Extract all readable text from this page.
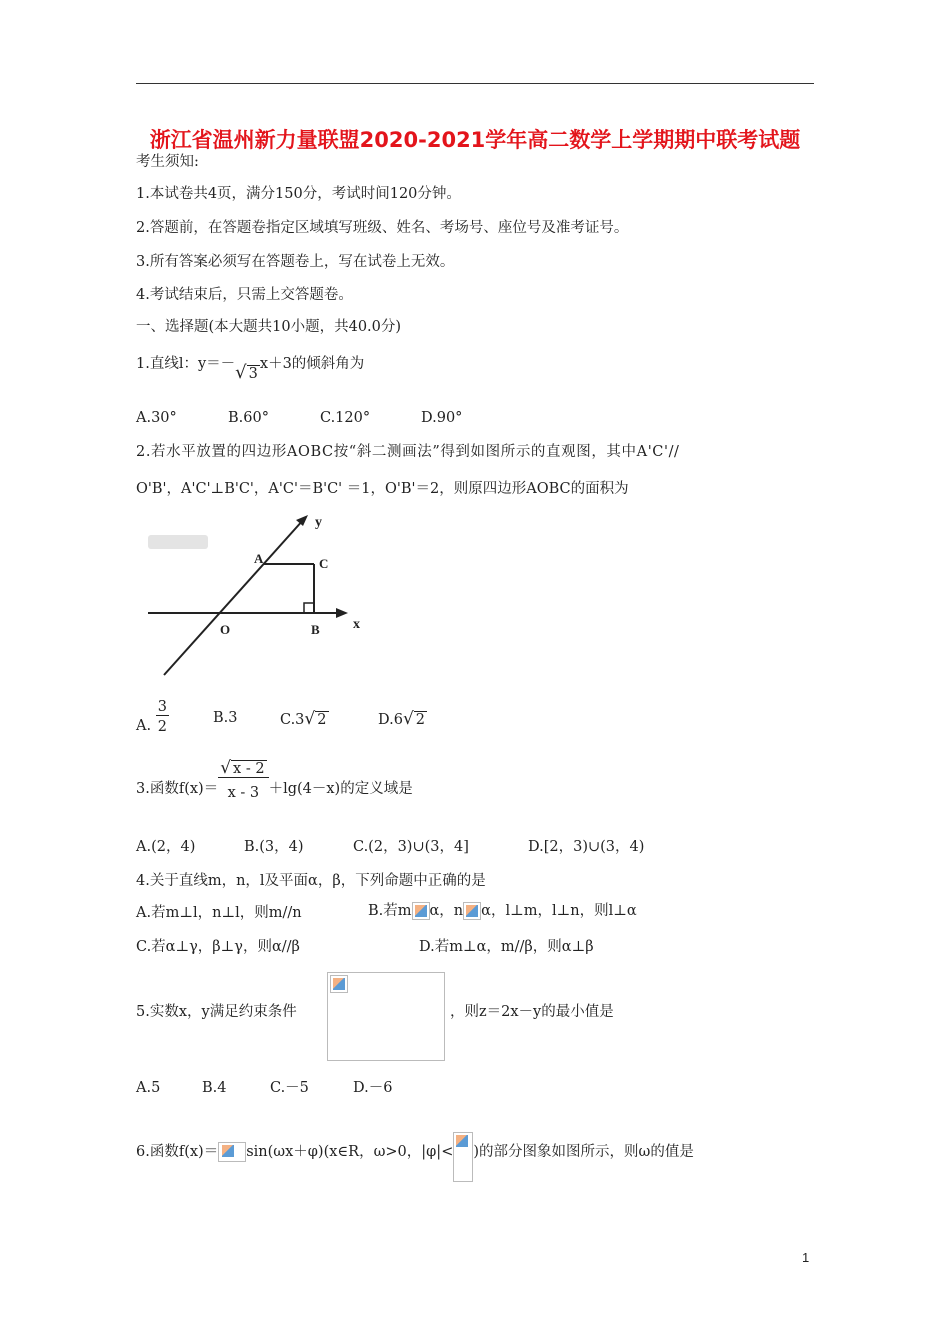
浙江省温州新力量联盟2020-2021学年高二数学上学期期中联考试题
考生须知:
1.本试卷共4页，满分150分，考试时间120分钟。
2.答题前，在答题卷指定区域填写班级、姓名、考场号、座位号及准考证号。
3.所有答案必须写在答题卷上，写在试卷上无效。
4.考试结束后，只需上交答题卷。
一、选择题(本大题共10小题，共40.0分)
1.直线l：y＝－√ 3x＋3的倾斜角为
A.30°	B.60°	C.120°	D.90°
2.若水平放置的四边形AOBC按“斜二测画法”得到如图所示的直观图，其中A'C'//
O'B'，A'C'⊥B'C'，A'C'＝B'C' ＝1，O'B'＝2，则原四边形AOBC的面积为
y
x
A	C
O	B
A. $\frac{3}{2}$	B.3	C.3√ 2	D.6√ 2
3.函数$f(x)= \frac{√ x - 2}{x - 3} +\lg(4-x)$的定义域是
A.(2，4)	B.(3，4)	C.(2，3)∪(3，4]	D.[2，3)∪(3，4)
4.关于直线m，n，l及平面α，β，下列命题中正确的是
A.若m⊥l，n⊥l，则m//n	B.若m α，n α，l⊥m，l⊥n，则l⊥α
C.若α⊥γ，β⊥γ，则α//β	D.若m⊥α，m//β，则α⊥β
5.实数x，y满足约束条件	，则z＝2x－y的最小值是
A.5	B.4	C.－5	D.－6
6.函数f(x)＝ sin(ωx＋φ)(x∈R，ω>0，|φ|< )的部分图象如图所示，则ω的值是
1
